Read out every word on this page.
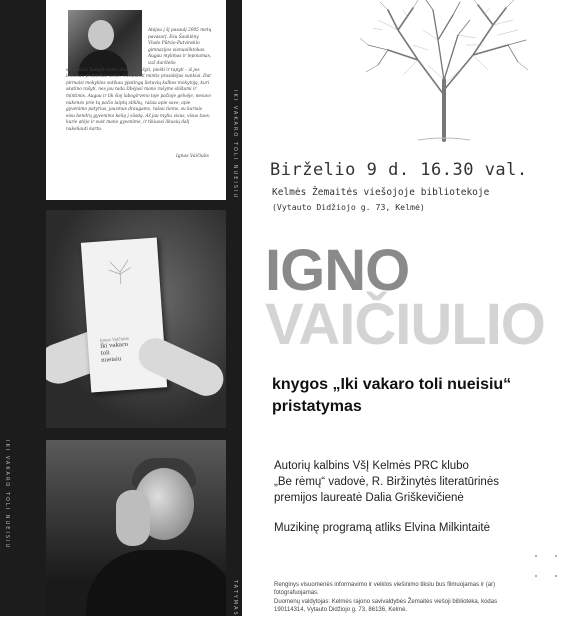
IKI VAKARO TOLI NUEISIU
IKI VAKARO TOLI NUEISIU
TATYMAS

Atėjau į šį pasaulį 2005 metų pavasarį. Esu Šauklėny Vlado Pūtvio-Putvinskio gimnazijos vienuoliktokas. Augau mylimas ir lepinamas, važ duršlelio

sulaukiau: babytė mokė skaityti, rašyti, piešti ir tapyti – iš jos išmokau praktiškai visko. Užsidianti mintis prasidėjus sunkiai. Dar pirmaisi mokyklos sutikau ypatingą lietuvių kalbos mokytoją, kuri skatino rašyti, nes jau tada žibėjusi mano rašymo slištami ir mintimis. Augau ir tik šioj labogirveno toje pačioje gelvėje, nesuvo nukenės prie tų pačio laiptų stiklių, rašau apie save, apie gyvenimo patyrius, jausmus draugams, rašau tiems, su kuriais eisu bendrų gyvenimo kelią į sūsdą. Aš jau myliu visus, visus tuos, kurie atėjo ir eust mano gyvenime, ir tikiuosi likusių dalį nukeliauti kartu.

Ignas Vaičiulis
Ignas Vaičiulis
Iki vakaro
toli
nueisiu
Birželio 9 d. 16.30 val.
Kelmės Žemaitės viešojoje bibliotekoje
(Vytauto Didžiojo g. 73, Kelmė)
IGNO
VAIČIULIO
knygos „Iki vakaro toli nueisiu“
pristatymas
Autorių kalbins VšĮ Kelmės PRC klubo
„Be rėmų“ vadovė, R. Biržinytės literatūrinės
premijos laureatė Dalia Griškevičienė
Muzikinę programą atliks Elvina Milkintaitė
Renginys visuomenės informavimo ir veiklos viešinimo tikslu bus filmuojamas ir (ar)
fotografuojamas.
Duomenų valdytojas: Kelmės rajono savivaldybės Žemaitės viešoji biblioteka, kodas
190114314, Vytauto Didžiojo g. 73, 86136, Kelmė.
